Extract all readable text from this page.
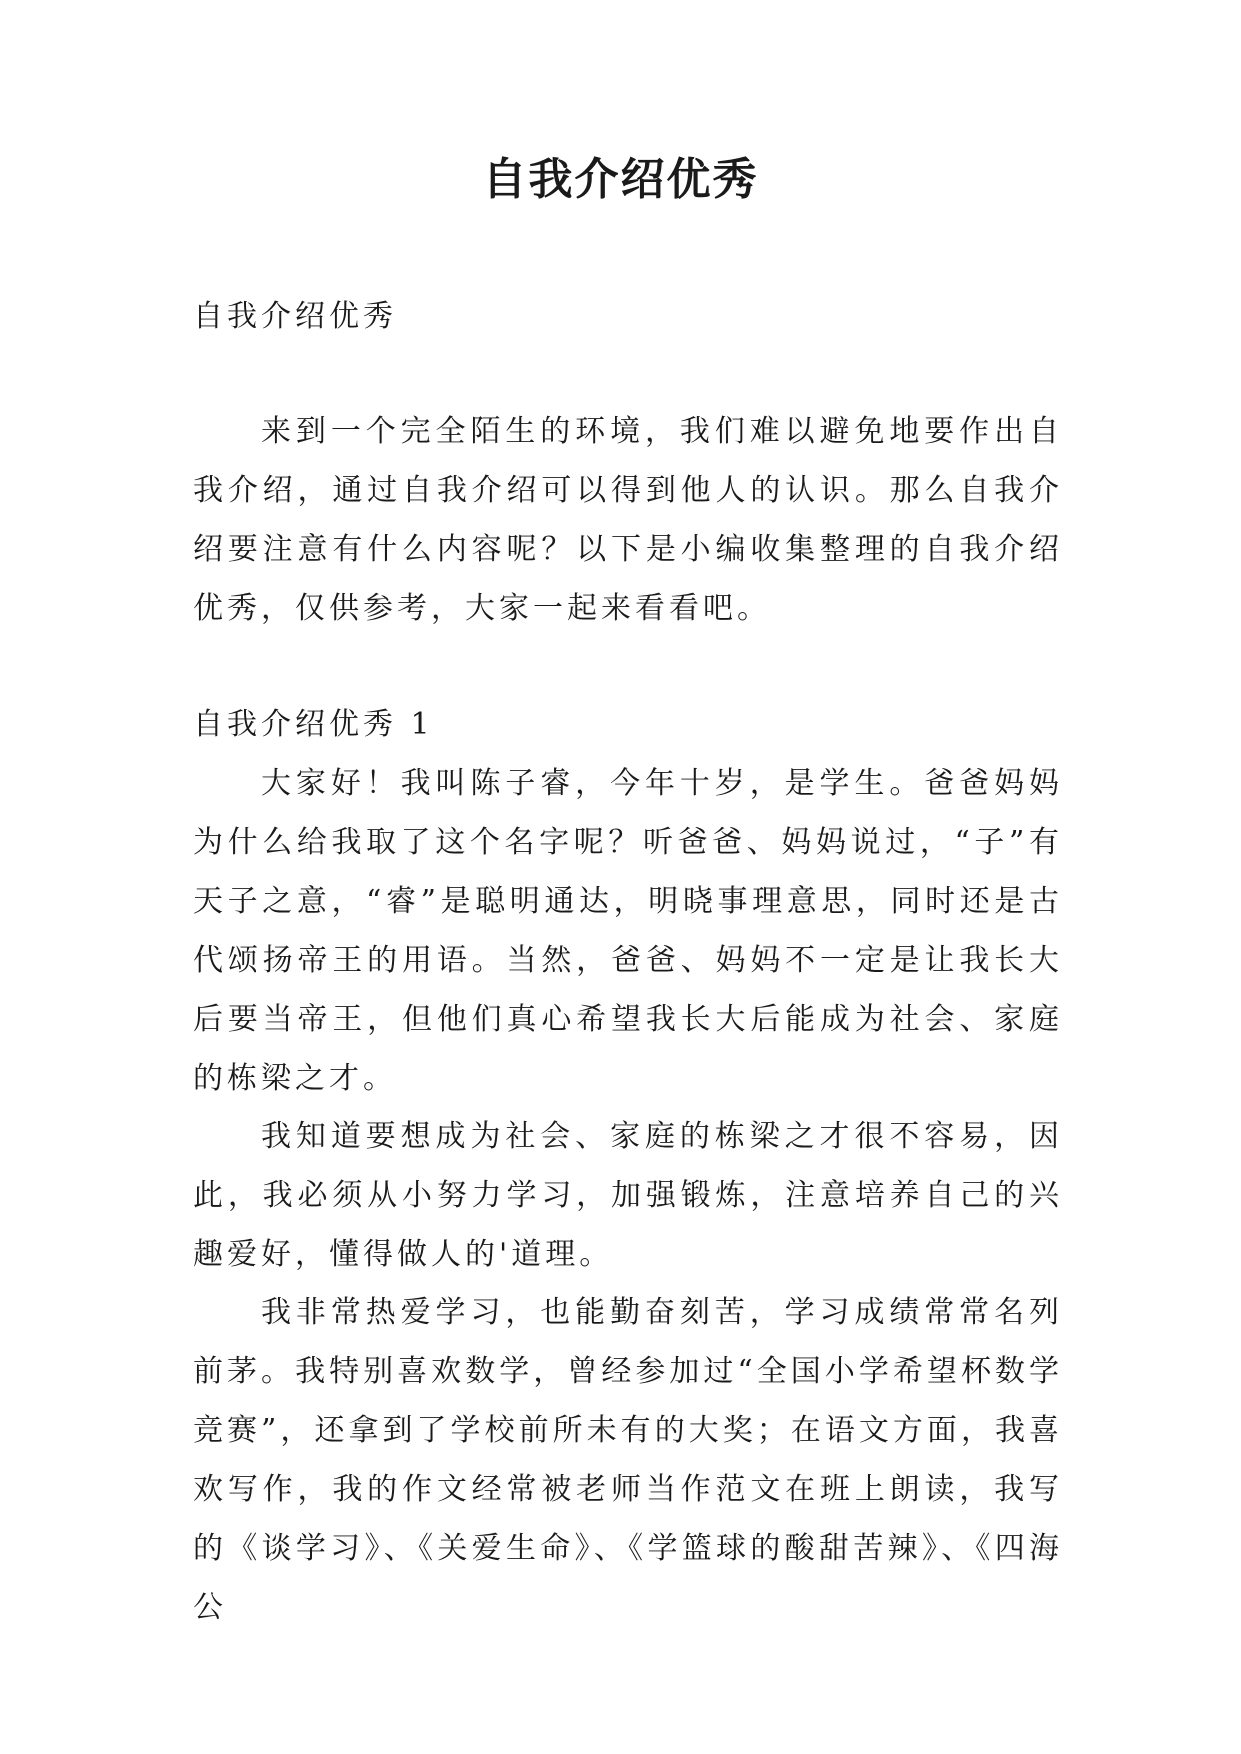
自我介绍优秀

自我介绍优秀

来到一个完全陌生的环境，我们难以避免地要作出自我介绍，通过自我介绍可以得到他人的认识。那么自我介绍要注意有什么内容呢？以下是小编收集整理的自我介绍优秀，仅供参考，大家一起来看看吧。

自我介绍优秀 1

大家好！我叫陈子睿，今年十岁，是学生。爸爸妈妈为什么给我取了这个名字呢？听爸爸、妈妈说过，“子”有天子之意，“睿”是聪明通达，明晓事理意思，同时还是古代颂扬帝王的用语。当然，爸爸、妈妈不一定是让我长大后要当帝王，但他们真心希望我长大后能成为社会、家庭的栋梁之才。

我知道要想成为社会、家庭的栋梁之才很不容易，因此，我必须从小努力学习，加强锻炼，注意培养自己的兴趣爱好，懂得做人的'道理。

我非常热爱学习，也能勤奋刻苦，学习成绩常常名列前茅。我特别喜欢数学，曾经参加过“全国小学希望杯数学竞赛”，还拿到了学校前所未有的大奖；在语文方面，我喜欢写作，我的作文经常被老师当作范文在班上朗读，我写的《谈学习》、《关爱生命》、《学篮球的酸甜苦辣》、《四海公
